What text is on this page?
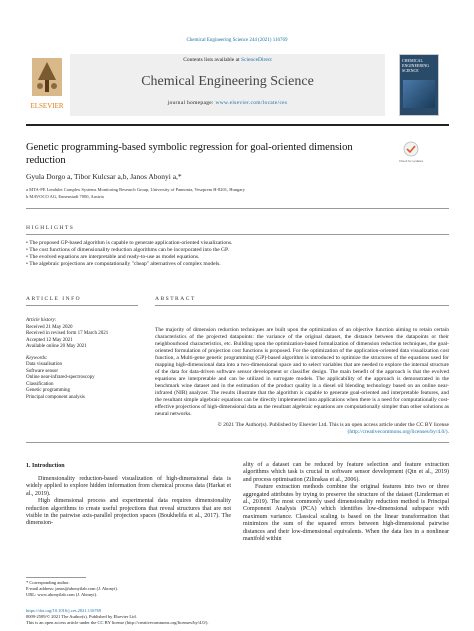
Chemical Engineering Science 244 (2021) 116769
ELSEVIER
Contents lists available at ScienceDirect
Chemical Engineering Science
journal homepage: www.elsevier.com/locate/ces
CHEMICAL ENGINEERING SCIENCE
Genetic programming-based symbolic regression for goal-oriented dimension reduction	Check for updates
Gyula Dorgo a, Tibor Kulcsar a,b, Janos Abonyi a,*
a MTA-PE Lendulet Complex Systems Monitoring Research Group, University of Pannonia, Veszprem H-8201, Hungary
b MAVOCO AG, Ennenstadt 7000, Austria
HIGHLIGHTS
• The proposed GP-based algorithm is capable to generate application-oriented visualizations.
• The cost functions of dimensionality reduction algorithms can be incorporated into the GP.
• The evolved equations are interpretable and ready-to-use as model equations.
• The algebraic projections are computationally "cheap" alternatives of complex models.
ARTICLE INFO	ABSTRACT
Article history:
Received 21 May 2020
Received in revised form 17 March 2021
Accepted 12 May 2021
Available online 20 May 2021
Keywords:
Data visualisation
Software sensor
Online near-infrared-spectroscopy
Classification
Genetic programming
Principal component analysis
The majority of dimension reduction techniques are built upon the optimization of an objective function aiming to retain certain characteristics of the projected datapoints: the variance of the original dataset, the distance between the datapoints or their neighbourhood characteristics, etc. Building upon the optimization-based formalization of dimension reduction techniques, the goal-oriented formulation of projection cost functions is proposed. For the optimization of the application-oriented data visualization cost function, a Multi-gene genetic programming (GP)-based algorithm is introduced to optimize the structures of the equations used for mapping high-dimensional data into a two-dimensional space and to select variables that are needed to explore the internal structure of the data for data-driven software sensor development or classifier design. The main benefit of the approach is that the evolved equations are interpretable and can be utilized in surrogate models. The applicability of the approach is demonstrated in the benchmark wine dataset and in the estimation of the product quality in a diesel oil blending technology based on an online near-infrared (NIR) analyzer. The results illustrate that the algorithm is capable to generate goal-oriented and interpretable features, and the resultant simple algebraic equations can be directly implemented into applications when there is a need for computationally cost-effective projections of high-dimensional data as the resultant algebraic equations are computationally simpler than other solutions as neural networks.
© 2021 The Author(s). Published by Elsevier Ltd. This is an open access article under the CC BY license
(http://creativecommons.org/licenses/by/4.0/).
1. Introduction

Dimensionality reduction-based visualization of high-dimensional data is widely applied to explore hidden information from chemical process data (Harkat et al., 2019).

High dimensional process and experimental data requires dimensionality reduction algorithms to create useful projections that reveal structures that are not visible in the pairwise axis-parallel projection spaces (Boukhelifa et al., 2017). The dimension-

ality of a dataset can be reduced by feature selection and feature extraction algorithms which task is crucial in software sensor development (Qin et al., 2019) and process optimisation (Zilinskas et al., 2006).

Feature extraction methods combine the original features into two or three aggregated attributes by trying to preserve the structure of the dataset (Linderman et al., 2019). The most commonly used dimensionality reduction method is Principal Component Analysis (PCA) which identifies low-dimensional subspace with maximum variance. Classical scaling is based on the linear transformation that minimizes the sum of the squared errors between high-dimensional pairwise distances and their low-dimensional equivalents. When the data lies in a nonlinear manifold within

* Corresponding author.
E-mail address: janos@abonyilab.com (J. Abonyi).
URL: www.abonyilab.com (J. Abonyi).
https://doi.org/10.1016/j.ces.2021.116769
0009-2509/© 2021 The Author(s). Published by Elsevier Ltd.
This is an open access article under the CC BY license (http://creativecommons.org/licenses/by/4.0/).
